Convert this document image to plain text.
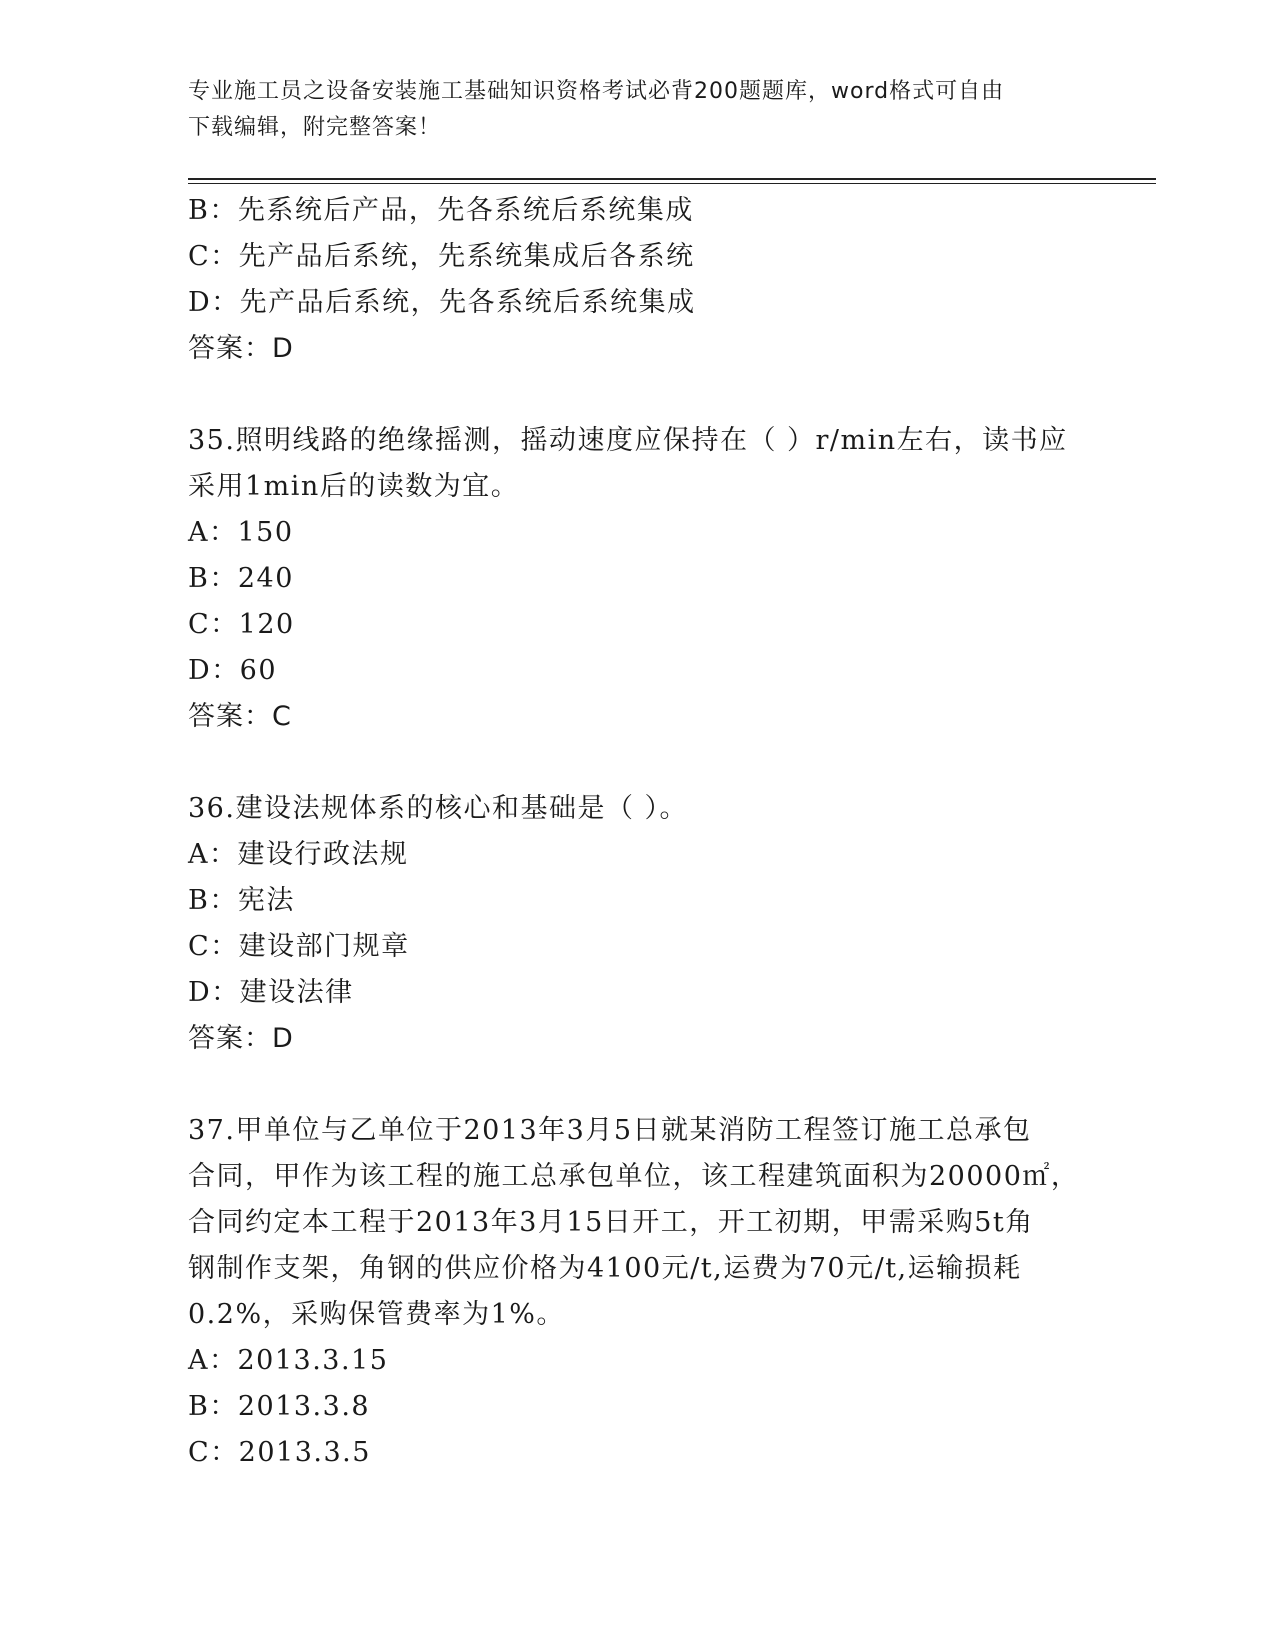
专业施工员之设备安装施工基础知识资格考试必背200题题库，word格式可自由
下载编辑，附完整答案！
B：先系统后产品，先各系统后系统集成
C：先产品后系统，先系统集成后各系统
D：先产品后系统，先各系统后系统集成
答案：D
35.照明线路的绝缘摇测，摇动速度应保持在（ ）r/min左右，读书应
采用1min后的读数为宜。
A：150
B：240
C：120
D：60
答案：C
36.建设法规体系的核心和基础是（ ）。
A：建设行政法规
B：宪法
C：建设部门规章
D：建设法律
答案：D
37.甲单位与乙单位于2013年3月5日就某消防工程签订施工总承包
合同，甲作为该工程的施工总承包单位，该工程建筑面积为20000㎡，
合同约定本工程于2013年3月15日开工，开工初期，甲需采购5t角
钢制作支架，角钢的供应价格为4100元/t,运费为70元/t,运输损耗
0.2%，采购保管费率为1%。
A：2013.3.15
B：2013.3.8
C：2013.3.5
